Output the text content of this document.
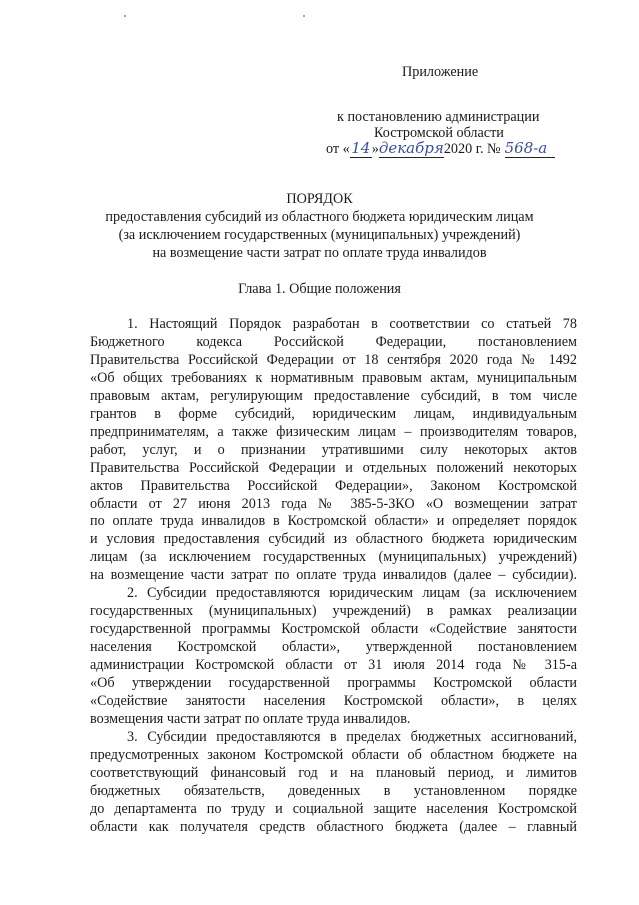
Приложение
к постановлению администрации
Костромской области
от «14»декабря2020 г. № 568-а
ПОРЯДОК
предоставления субсидий из областного бюджета юридическим лицам
(за исключением государственных (муниципальных) учреждений)
на возмещение части затрат по оплате труда инвалидов
Глава 1. Общие положения
1. Настоящий Порядок разработан в соответствии со статьей 78
Бюджетного кодекса Российской Федерации, постановлением
Правительства Российской Федерации от 18 сентября 2020 года № 1492
«Об общих требованиях к нормативным правовым актам, муниципальным
правовым актам, регулирующим предоставление субсидий, в том числе
грантов в форме субсидий, юридическим лицам, индивидуальным
предпринимателям, а также физическим лицам – производителям товаров,
работ, услуг, и о признании утратившими силу некоторых актов
Правительства Российской Федерации и отдельных положений некоторых
актов Правительства Российской Федерации», Законом Костромской
области от 27 июня 2013 года № 385-5-ЗКО «О возмещении затрат
по оплате труда инвалидов в Костромской области» и определяет порядок
и условия предоставления субсидий из областного бюджета юридическим
лицам (за исключением государственных (муниципальных) учреждений)
на возмещение части затрат по оплате труда инвалидов (далее – субсидии).
2. Субсидии предоставляются юридическим лицам (за исключением
государственных (муниципальных) учреждений) в рамках реализации
государственной программы Костромской области «Содействие занятости
населения Костромской области», утвержденной постановлением
администрации Костромской области от 31 июля 2014 года № 315-а
«Об утверждении государственной программы Костромской области
«Содействие занятости населения Костромской области», в целях
возмещения части затрат по оплате труда инвалидов.
3. Субсидии предоставляются в пределах бюджетных ассигнований,
предусмотренных законом Костромской области об областном бюджете на
соответствующий финансовый год и на плановый период, и лимитов
бюджетных обязательств, доведенных в установленном порядке
до департамента по труду и социальной защите населения Костромской
области как получателя средств областного бюджета (далее – главный
